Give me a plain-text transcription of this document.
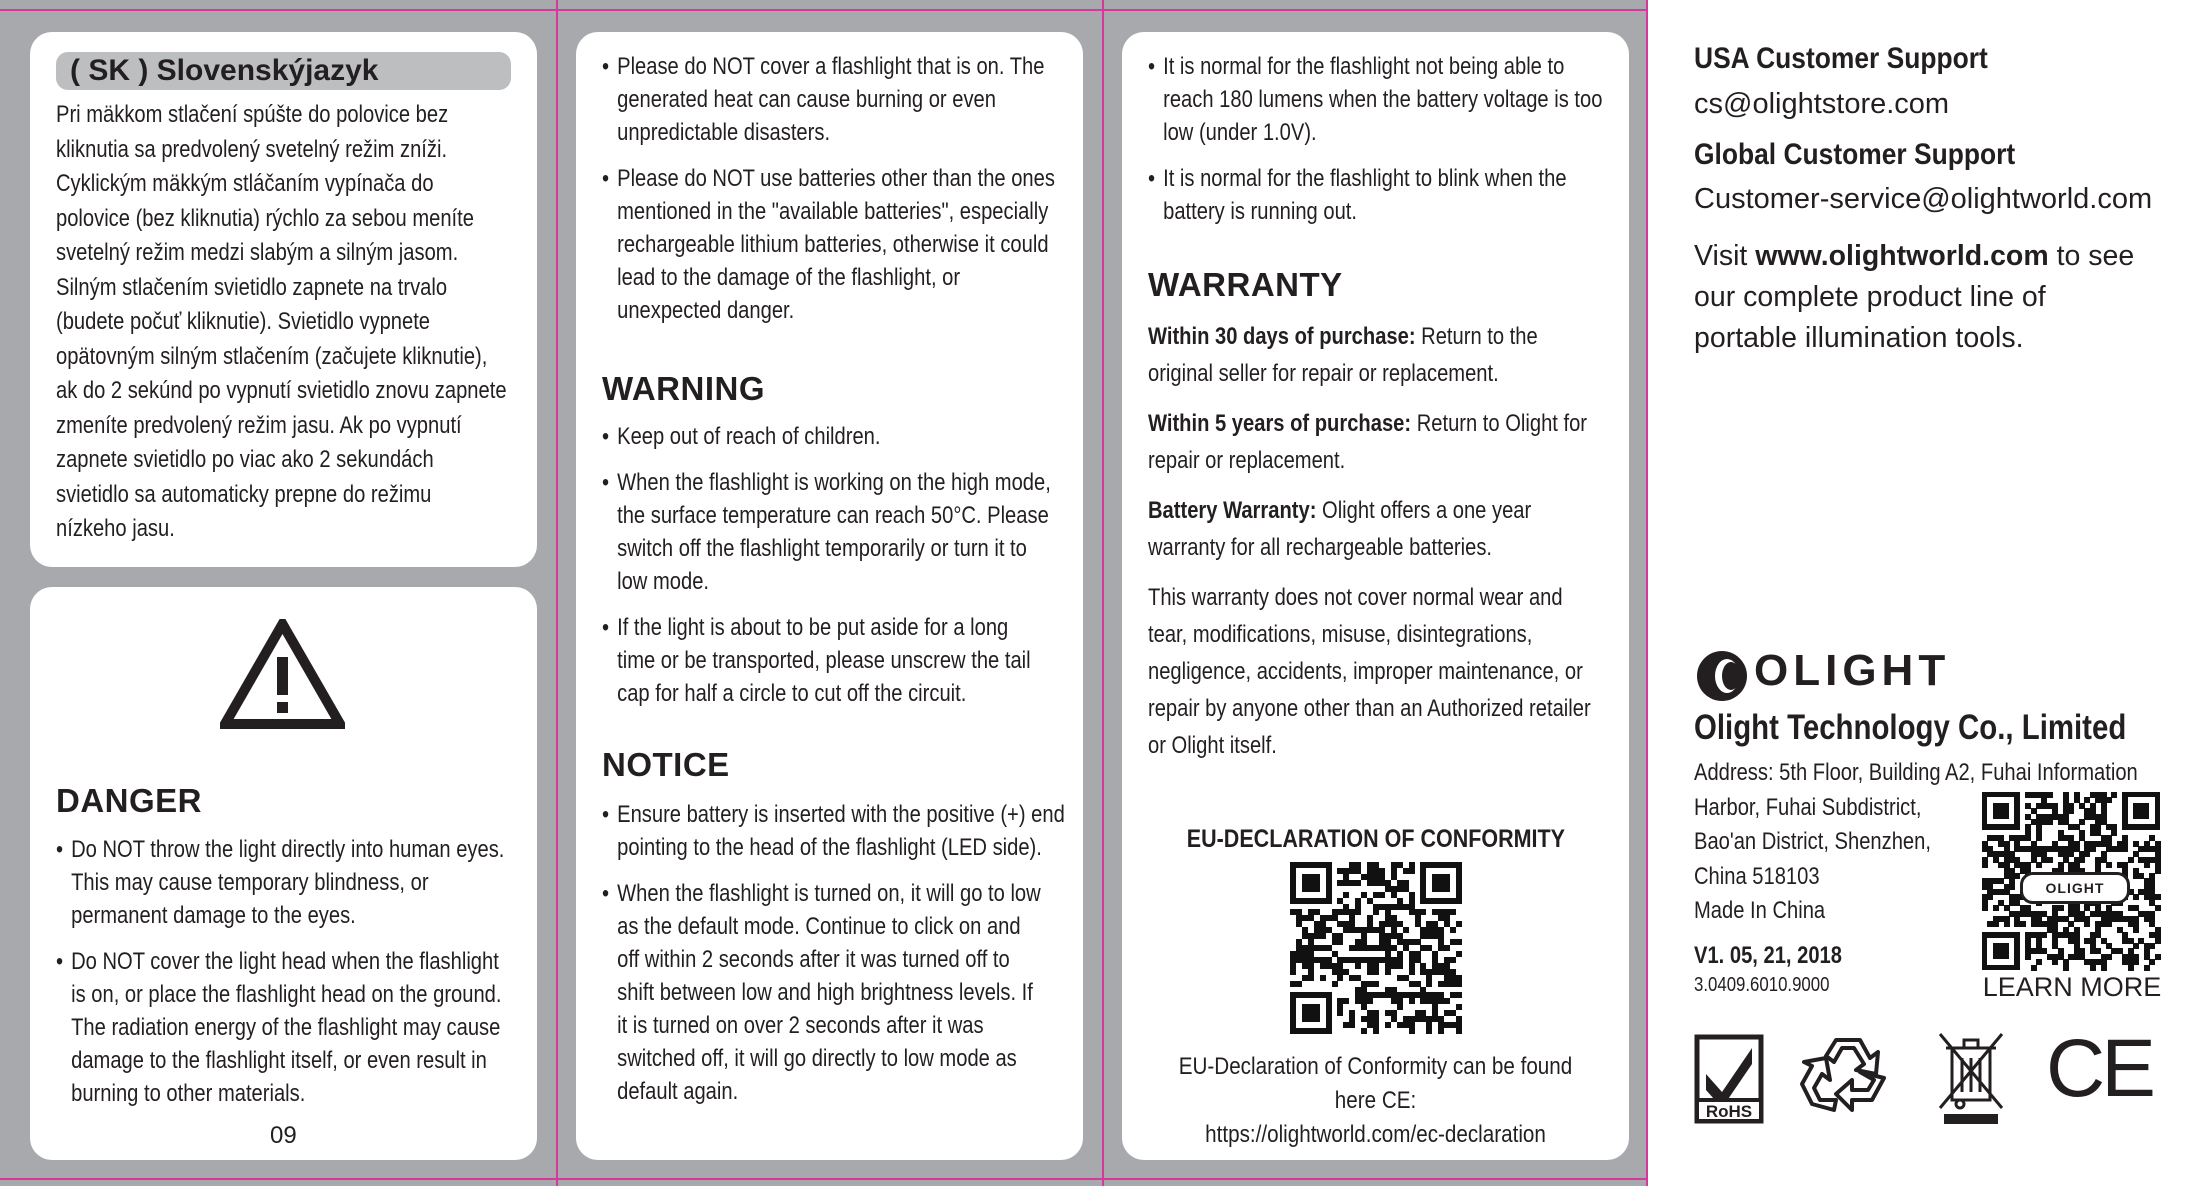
( SK ) Slovenskýjazyk
Pri mäkkom stlačení spúšte do polovice bez
kliknutia sa predvolený svetelný režim zníži.
Cyklickým mäkkým stláčaním vypínača do
polovice (bez kliknutia) rýchlo za sebou meníte
svetelný režim medzi slabým a silným jasom.
Silným stlačením svietidlo zapnete na trvalo
(budete počuť kliknutie). Svietidlo vypnete
opätovným silným stlačením (začujete kliknutie),
ak do 2 sekúnd po vypnutí svietidlo znovu zapnete
zmeníte predvolený režim jasu. Ak po vypnutí
zapnete svietidlo po viac ako 2 sekundách
svietidlo sa automaticky prepne do režimu
nízkeho jasu.
DANGER
• Do NOT throw the light directly into human eyes.
This may cause temporary blindness, or
permanent damage to the eyes.
• Do NOT cover the light head when the flashlight
is on, or place the flashlight head on the ground.
The radiation energy of the flashlight may cause
damage to the flashlight itself, or even result in
burning to other materials.
09
• Please do NOT cover a flashlight that is on. The
generated heat can cause burning or even
unpredictable disasters.
• Please do NOT use batteries other than the ones
mentioned in the "available batteries", especially
rechargeable lithium batteries, otherwise it could
lead to the damage of the flashlight, or
unexpected danger.
WARNING
• Keep out of reach of children.
• When the flashlight is working on the high mode,
the surface temperature can reach 50°C. Please
switch off the flashlight temporarily or turn it to
low mode.
• If the light is about to be put aside for a long
time or be transported, please unscrew the tail
cap for half a circle to cut off the circuit.
NOTICE
• Ensure battery is inserted with the positive (+) end
pointing to the head of the flashlight (LED side).
• When the flashlight is turned on, it will go to low
as the default mode. Continue to click on and
off within 2 seconds after it was turned off to
shift between low and high brightness levels. If
it is turned on over 2 seconds after it was
switched off, it will go directly to low mode as
default again.
• It is normal for the flashlight not being able to
reach 180 lumens when the battery voltage is too
low (under 1.0V).
• It is normal for the flashlight to blink when the
battery is running out.
WARRANTY
Within 30 days of purchase: Return to the
original seller for repair or replacement.
Within 5 years of purchase: Return to Olight for
repair or replacement.
Battery Warranty: Olight offers a one year
warranty for all rechargeable batteries.
This warranty does not cover normal wear and
tear, modifications, misuse, disintegrations,
negligence, accidents, improper maintenance, or
repair by anyone other than an Authorized retailer
or Olight itself.
EU-DECLARATION OF CONFORMITY
EU-Declaration of Conformity can be found here CE:
https://olightworld.com/ec-declaration
USA Customer Support
cs@olightstore.com
Global Customer Support
Customer-service@olightworld.com
Visit www.olightworld.com to see
our complete product line of
portable illumination tools.
OLIGHT
Olight Technology Co., Limited
Address: 5th Floor, Building A2, Fuhai Information
Harbor, Fuhai Subdistrict,
Bao'an District, Shenzhen,
China 518103
Made In China
V1. 05, 21, 2018
3.0409.6010.9000
OLIGHT
LEARN MORE
RoHS	CE
